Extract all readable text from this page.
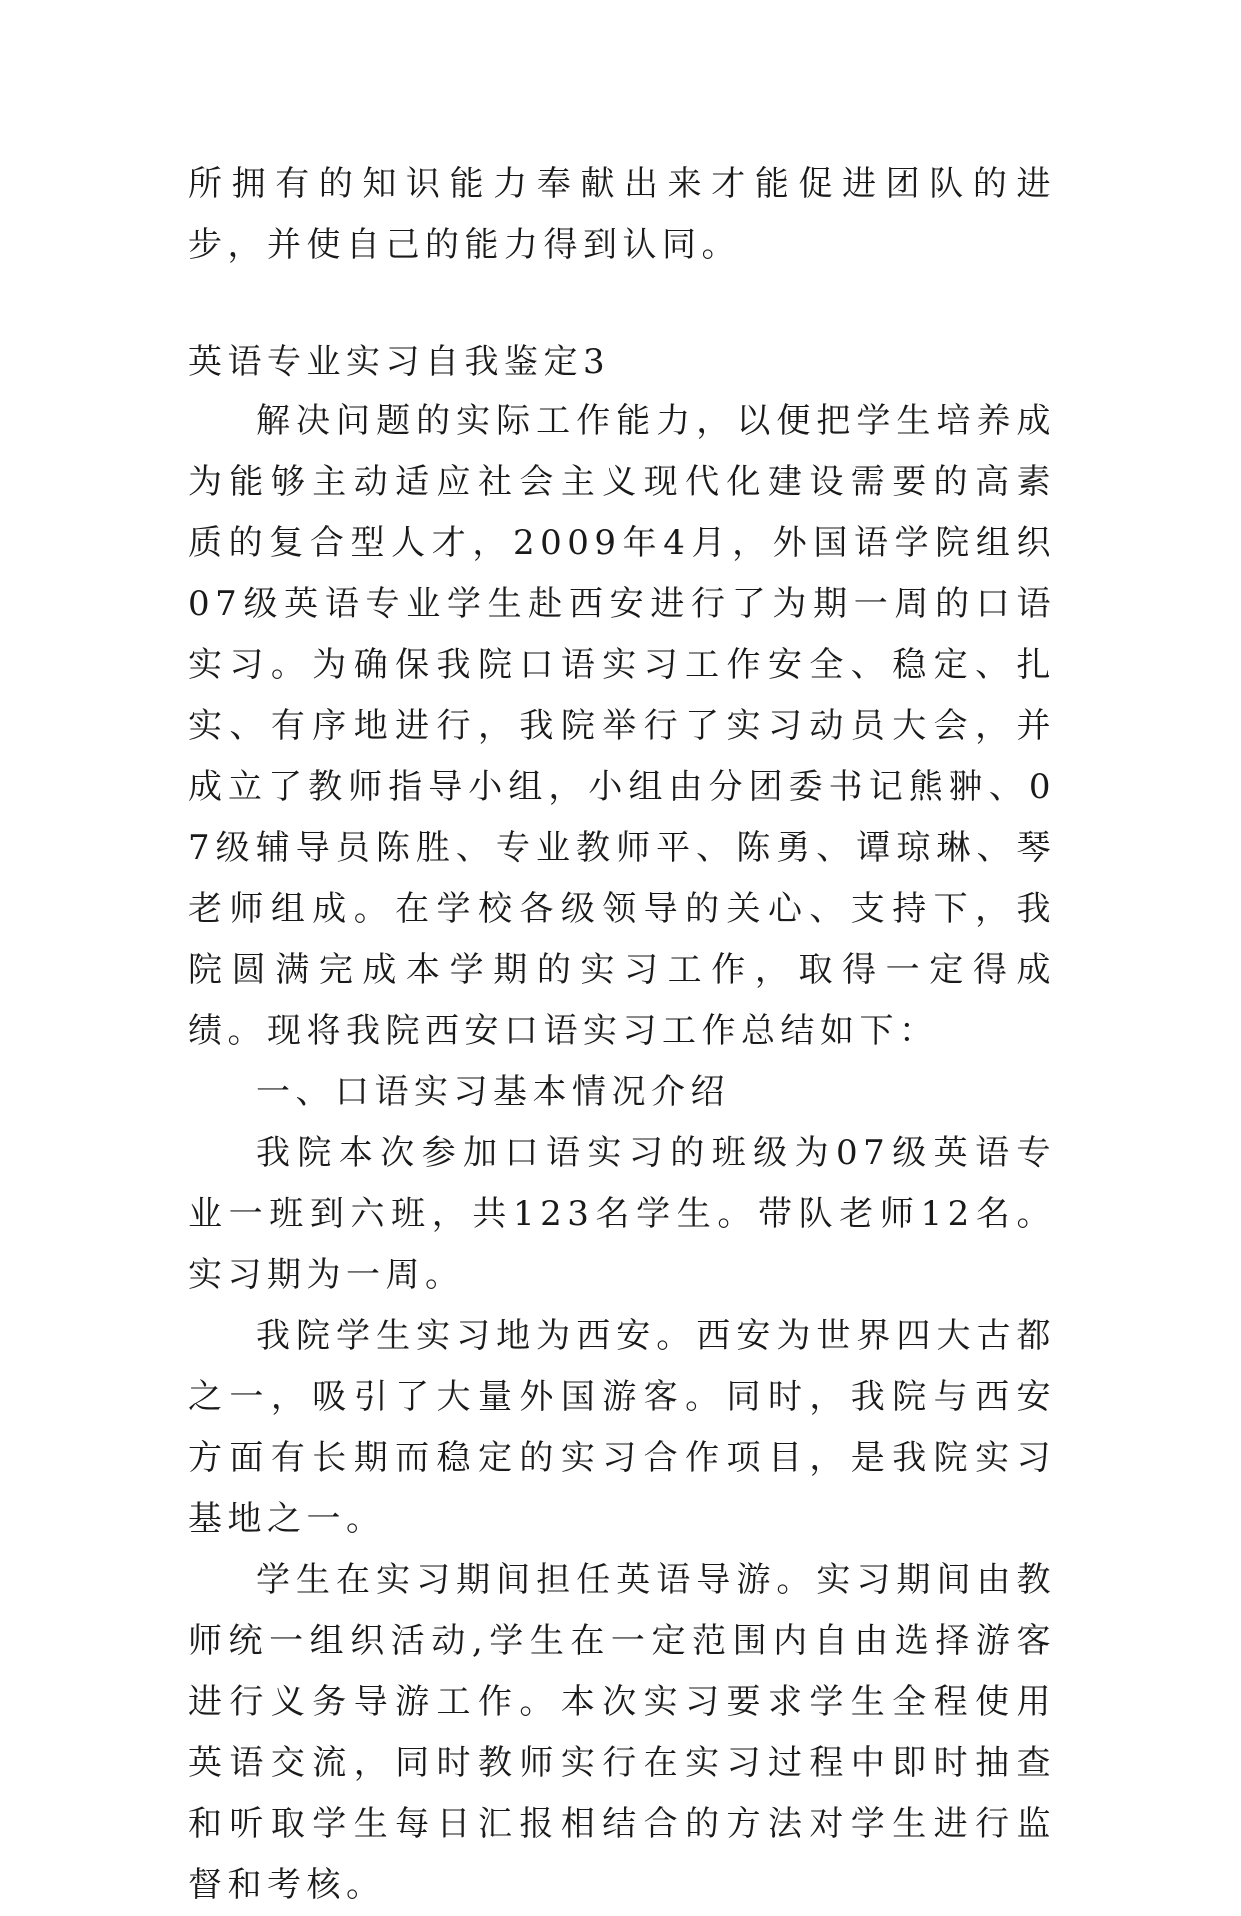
所拥有的知识能力奉献出来才能促进团队的进步，并使自己的能力得到认同。

英语专业实习自我鉴定3

解决问题的实际工作能力，以便把学生培养成为能够主动适应社会主义现代化建设需要的高素质的复合型人才，2009年4月，外国语学院组织07级英语专业学生赴西安进行了为期一周的口语实习。为确保我院口语实习工作安全、稳定、扎实、有序地进行，我院举行了实习动员大会，并成立了教师指导小组，小组由分团委书记熊翀、07级辅导员陈胜、专业教师平、陈勇、谭琼琳、琴老师组成。在学校各级领导的关心、支持下，我院圆满完成本学期的实习工作，取得一定得成绩。现将我院西安口语实习工作总结如下：

一、口语实习基本情况介绍

我院本次参加口语实习的班级为07级英语专业一班到六班，共123名学生。带队老师12名。实习期为一周。

我院学生实习地为西安。西安为世界四大古都之一，吸引了大量外国游客。同时，我院与西安方面有长期而稳定的实习合作项目，是我院实习基地之一。

学生在实习期间担任英语导游。实习期间由教师统一组织活动,学生在一定范围内自由选择游客进行义务导游工作。本次实习要求学生全程使用英语交流，同时教师实行在实习过程中即时抽查和听取学生每日汇报相结合的方法对学生进行监督和考核。
